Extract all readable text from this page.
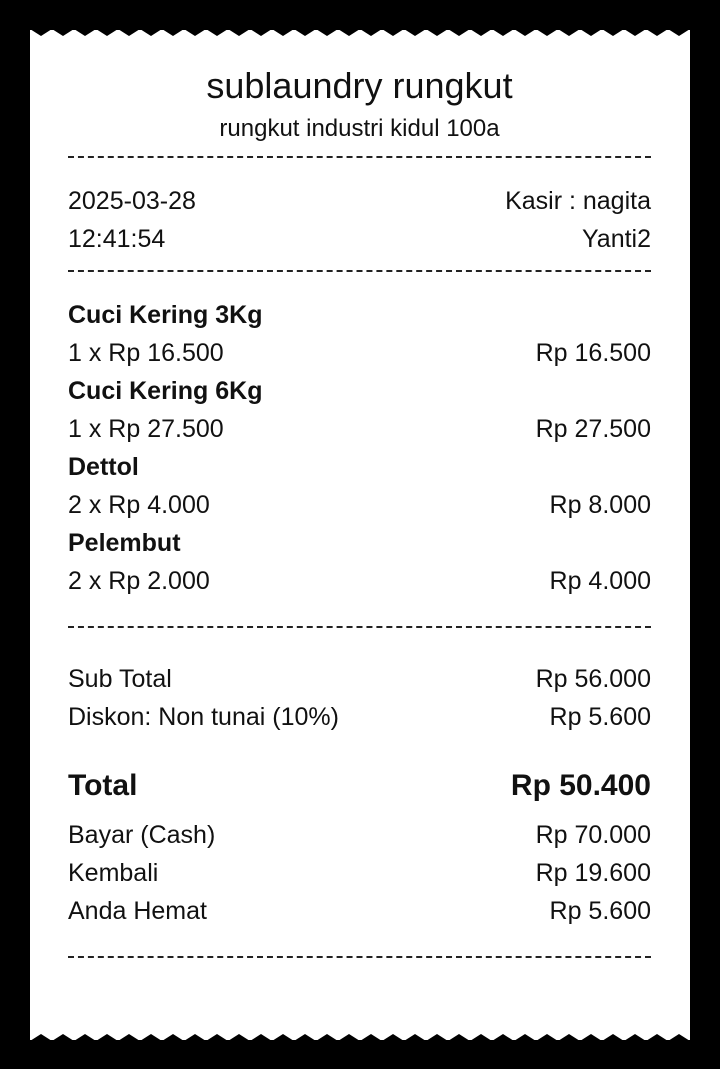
sublaundry rungkut
rungkut industri kidul 100a
2025-03-28	Kasir : nagita
12:41:54	Yanti2
Cuci Kering 3Kg
1 x Rp 16.500	Rp 16.500
Cuci Kering 6Kg
1 x Rp 27.500	Rp 27.500
Dettol
2 x Rp 4.000	Rp 8.000
Pelembut
2 x Rp 2.000	Rp 4.000
Sub Total	Rp 56.000
Diskon: Non tunai (10%)	Rp 5.600
Total	Rp 50.400
Bayar (Cash)	Rp 70.000
Kembali	Rp 19.600
Anda Hemat	Rp 5.600
